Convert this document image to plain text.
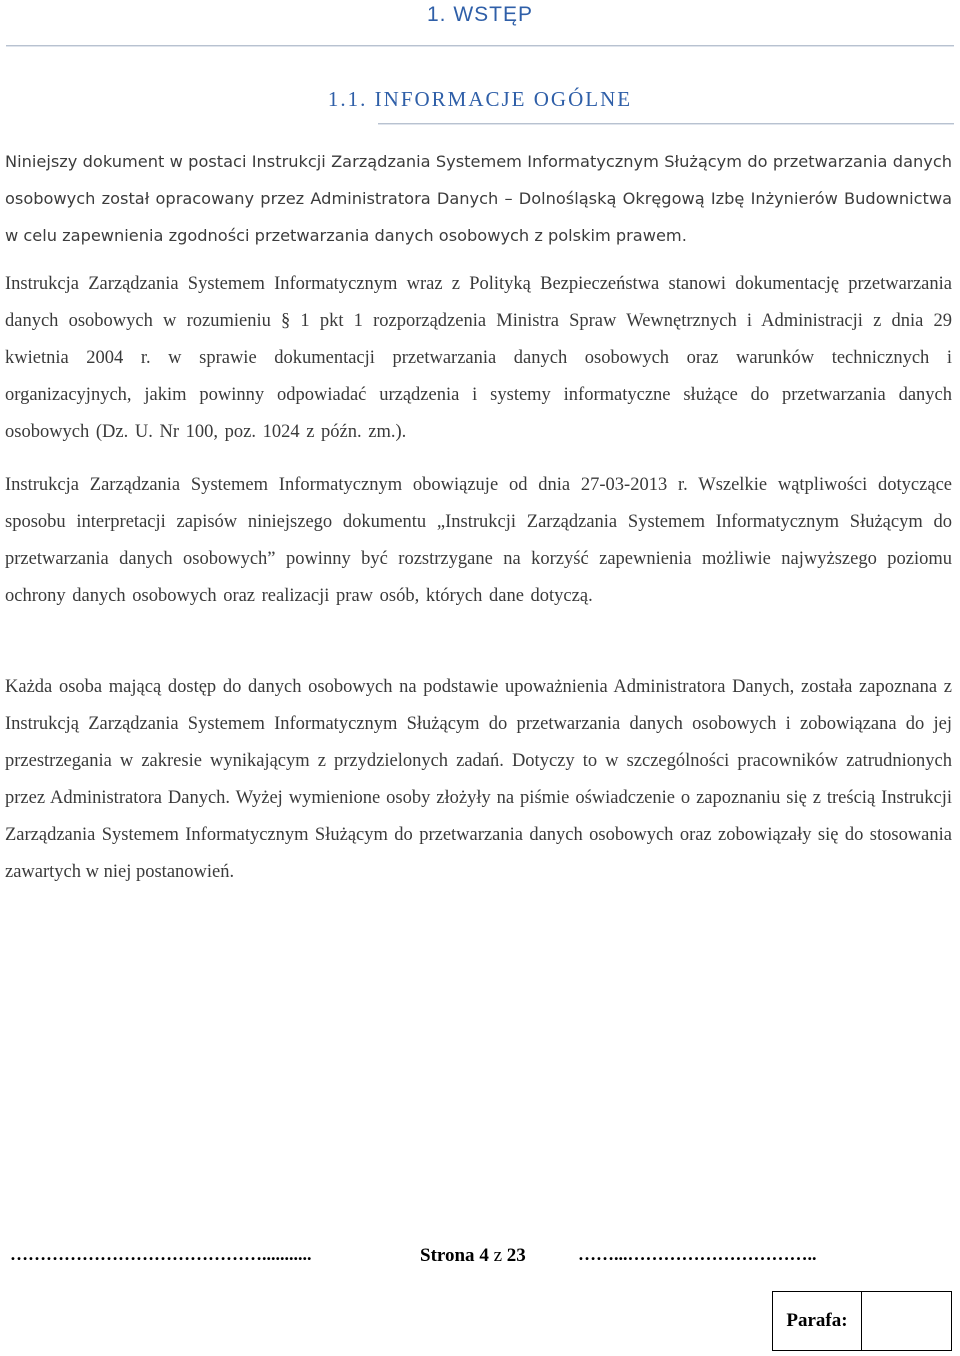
1. WSTĘP
1.1. INFORMACJE OGÓLNE
Niniejszy dokument w postaci Instrukcji Zarządzania Systemem Informatycznym Służącym do przetwarzania danych osobowych został opracowany przez Administratora Danych – Dolnośląską Okręgową Izbę Inżynierów Budownictwa w celu zapewnienia zgodności przetwarzania danych osobowych z polskim prawem.
Instrukcja Zarządzania Systemem Informatycznym wraz z Polityką Bezpieczeństwa stanowi dokumentację przetwarzania danych osobowych w rozumieniu § 1 pkt 1 rozporządzenia Ministra Spraw Wewnętrznych i Administracji z dnia 29 kwietnia 2004 r. w sprawie dokumentacji przetwarzania danych osobowych oraz warunków technicznych i organizacyjnych, jakim powinny odpowiadać urządzenia i systemy informatyczne służące do przetwarzania danych osobowych (Dz. U. Nr 100, poz. 1024 z późn. zm.).
Instrukcja Zarządzania Systemem Informatycznym obowiązuje od dnia 27-03-2013 r. Wszelkie wątpliwości dotyczące sposobu interpretacji zapisów niniejszego dokumentu „Instrukcji Zarządzania Systemem Informatycznym Służącym do przetwarzania danych osobowych” powinny być rozstrzygane na korzyść zapewnienia możliwie najwyższego poziomu ochrony danych osobowych oraz realizacji praw osób, których dane dotyczą.
Każda osoba mającą dostęp do danych osobowych na podstawie upoważnienia Administratora Danych, została zapoznana z Instrukcją Zarządzania Systemem Informatycznym Służącym do przetwarzania danych osobowych i zobowiązana do jej przestrzegania w zakresie wynikającym z przydzielonych zadań. Dotyczy to w szczególności pracowników zatrudnionych przez Administratora Danych. Wyżej wymienione osoby złożyły na piśmie oświadczenie o zapoznaniu się z treścią Instrukcji Zarządzania Systemem Informatycznym Służącym do przetwarzania danych osobowych oraz zobowiązały się do stosowania zawartych w niej postanowień.
……………………………………...........	Strona 4 z 23	……...…………………………..
Parafa:
